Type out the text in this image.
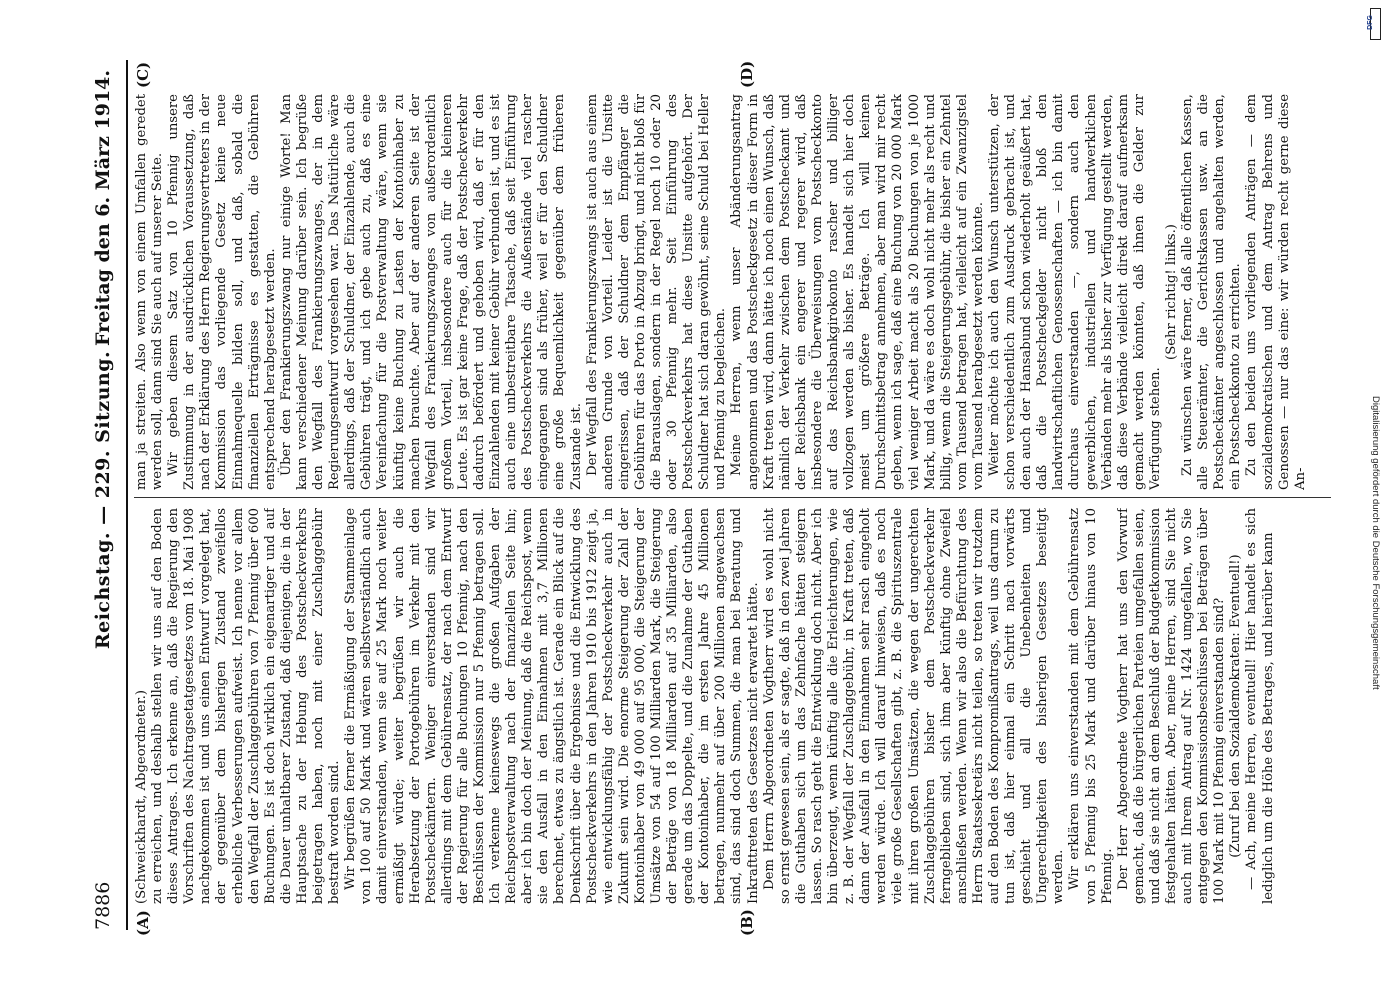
7886
Reichstag. — 229. Sitzung.
Freitag den 6. März 1914.
(A)	(B)
(C)	(D)

(Schweickhardt, Abgeordneter.) zu erreichen, und deshalb stellen wir uns auf den Boden dieses Antrages. Ich erkenne an, daß die Regierung den Vorschriften des Nachtragsetatgesetzes vom 18. Mai 1908 nachgekommen ist und uns einen Entwurf vorgelegt hat, der gegenüber dem bisherigen Zustand zweifellos erhebliche Verbesserungen aufweist. Ich nenne vor allem den Wegfall der Zuschlaggebühren von 7 Pfennig über 600 Buchungen. Es ist doch wirklich ein eigenartiger und auf die Dauer unhaltbarer Zustand, daß diejenigen, die in der Hauptsache zu der Hebung des Postscheckverkehrs beigetragen haben, noch mit einer Zuschlaggebühr bestraft worden sind. Wir begrüßen ferner die Ermäßigung der Stammeinlage von 100 auf 50 Mark und wären selbstverständlich auch damit einverstanden, wenn sie auf 25 Mark noch weiter ermäßigt würde; weiter begrüßen wir auch die Herabsetzung der Portogebühren im Verkehr mit den Postscheckämtern. Weniger einverstanden sind wir allerdings mit dem Gebührensatz, der nach dem Entwurf der Regierung für alle Buchungen 10 Pfennig, nach den Beschlüssen der Kommission nur 5 Pfennig betragen soll. Ich verkenne keineswegs die großen Aufgaben der Reichspostverwaltung nach der finanziellen Seite hin; aber ich bin doch der Meinung, daß die Reichspost, wenn sie den Ausfall in den Einnahmen mit 3,7 Millionen berechnet, etwas zu ängstlich ist. Gerade ein Blick auf die Denkschrift über die Ergebnisse und die Entwicklung des Postscheckverkehrs in den Jahren 1910 bis 1912 zeigt ja, wie entwicklungsfähig der Postscheckverkehr auch in Zukunft sein wird. Die enorme Steigerung der Zahl der Kontoinhaber von 49 000 auf 95 000, die Steigerung der Umsätze von 54 auf 100 Milliarden Mark, die Steigerung der Beträge von 18 Milliarden auf 35 Milliarden, also gerade um das Doppelte, und die Zunahme der Guthaben der Kontoinhaber, die im ersten Jahre 45 Millionen betragen, nunmehr auf über 200 Millionen angewachsen sind, das sind doch Summen, die man bei Beratung und Inkrafttreten des Gesetzes nicht erwartet hätte. Dem Herrn Abgeordneten Vogtherr wird es wohl nicht so ernst gewesen sein, als er sagte, daß in den zwei Jahren die Guthaben sich um das Zehnfache hätten steigern lassen. So rasch geht die Entwicklung doch nicht. Aber ich bin überzeugt, wenn künftig alle die Erleichterungen, wie z. B. der Wegfall der Zuschlaggebühr, in Kraft treten, daß dann der Ausfall in den Einnahmen sehr rasch eingeholt werden würde. Ich will darauf hinweisen, daß es noch viele große Gesellschaften gibt, z. B. die Spirituszentrale mit ihren großen Umsätzen, die wegen der ungerechten Zuschlaggebühren bisher dem Postscheckverkehr ferngeblieben sind, sich ihm aber künftig ohne Zweifel anschließen werden. Wenn wir also die Befürchtung des Herrn Staatssekretärs nicht teilen, so treten wir trotzdem auf den Boden des Kompromißantrags, weil uns darum zu tun ist, daß hier einmal ein Schritt nach vorwärts geschieht und all die Unebenheiten und Ungerechtigkeiten des bisherigen Gesetzes beseitigt werden. Wir erklären uns einverstanden mit dem Gebührensatz von 5 Pfennig bis 25 Mark und darüber hinaus von 10 Pfennig. Der Herr Abgeordnete Vogtherr hat uns den Vorwurf gemacht, daß die bürgerlichen Parteien umgefallen seien, und daß sie nicht an dem Beschluß der Budgetkommission festgehalten hätten. Aber, meine Herren, sind Sie nicht auch mit Ihrem Antrag auf Nr. 1424 umgefallen, wo Sie entgegen den Kommissionsbeschlüssen bei Beträgen über 100 Mark mit 10 Pfennig einverstanden sind? (Zuruf bei den Sozialdemokraten: Eventuell!) — Ach, meine Herren, eventuell! Hier handelt es sich lediglich um die Höhe des Betrages, und hierüber kann

man ja streiten. Also wenn von einem Umfallen geredet werden soll, dann sind Sie auch auf unserer Seite. Wir geben diesem Satz von 10 Pfennig unsere Zustimmung in der ausdrücklichen Voraussetzung, daß nach der Erklärung des Herrn Regierungsvertreters in der Kommission das vorliegende Gesetz keine neue Einnahmequelle bilden soll, und daß, sobald die finanziellen Erträgnisse es gestatten, die Gebühren entsprechend herabgesetzt werden. Über den Frankierungszwang nur einige Worte! Man kann verschiedener Meinung darüber sein. Ich begrüße den Wegfall des Frankierungszwanges, der in dem Regierungsentwurf vorgesehen war. Das Natürliche wäre allerdings, daß der Schuldner, der Einzahlende, auch die Gebühren trägt, und ich gebe auch zu, daß es eine Vereinfachung für die Postverwaltung wäre, wenn sie künftig keine Buchung zu Lasten der Kontoinhaber zu machen brauchte. Aber auf der anderen Seite ist der Wegfall des Frankierungszwanges von außerordentlich großem Vorteil, insbesondere auch für die kleineren Leute. Es ist gar keine Frage, daß der Postscheckverkehr dadurch befördert und gehoben wird, daß er für den Einzahlenden mit keiner Gebühr verbunden ist, und es ist auch eine unbestreitbare Tatsache, daß seit Einführung des Postscheckverkehrs die Außenstände viel rascher eingegangen sind als früher, weil er für den Schuldner eine große Bequemlichkeit gegenüber dem früheren Zustande ist. Der Wegfall des Frankierungszwangs ist auch aus einem anderen Grunde von Vorteil. Leider ist die Unsitte eingerissen, daß der Schuldner dem Empfänger die Gebühren für das Porto in Abzug bringt, und nicht bloß für die Barauslagen, sondern in der Regel noch 10 oder 20 oder 30 Pfennig mehr. Seit Einführung des Postscheckverkehrs hat diese Unsitte aufgehört. Der Schuldner hat sich daran gewöhnt, seine Schuld bei Heller und Pfennig zu begleichen. Meine Herren, wenn unser Abänderungsantrag angenommen und das Postscheckgesetz in dieser Form in Kraft treten wird, dann hätte ich noch einen Wunsch, daß nämlich der Verkehr zwischen dem Postscheckamt und der Reichsbank ein engerer und regerer wird, daß insbesondere die Überweisungen vom Postscheckkonto auf das Reichsbankgirokonto rascher und billiger vollzogen werden als bisher. Es handelt sich hier doch meist um größere Beträge. Ich will keinen Durchschnittsbetrag annehmen, aber man wird mir recht geben, wenn ich sage, daß eine Buchung von 20 000 Mark viel weniger Arbeit macht als 20 Buchungen von je 1000 Mark, und da wäre es doch wohl nicht mehr als recht und billig, wenn die Steigerungsgebühr, die bisher ein Zehntel vom Tausend betragen hat, vielleicht auf ein Zwanzigstel vom Tausend herabgesetzt werden könnte. Weiter möchte ich auch den Wunsch unterstützen, der schon verschiedentlich zum Ausdruck gebracht ist, und den auch der Hansabund schon wiederholt geäußert hat, daß die Postscheckgelder nicht bloß den landwirtschaftlichen Genossenschaften — ich bin damit durchaus einverstanden —, sondern auch den gewerblichen, industriellen und handwerklichen Verbänden mehr als bisher zur Verfügung gestellt werden, daß diese Verbände vielleicht direkt darauf aufmerksam gemacht werden könnten, daß ihnen die Gelder zur Verfügung stehen.

(Sehr richtig! links.) Zu wünschen wäre ferner, daß alle öffentlichen Kassen, alle Steuerämter, die Gerichtskassen usw. an die Postscheckämter angeschlossen und angehalten werden, ein Postscheckkonto zu errichten. Zu den beiden uns vorliegenden Anträgen — dem sozialdemokratischen und dem Antrag Behrens und Genossen — nur das eine: wir würden recht gerne diese An-	Digitalisierung gefördert durch die Deutsche Forschungsgemeinschaft
DFG
